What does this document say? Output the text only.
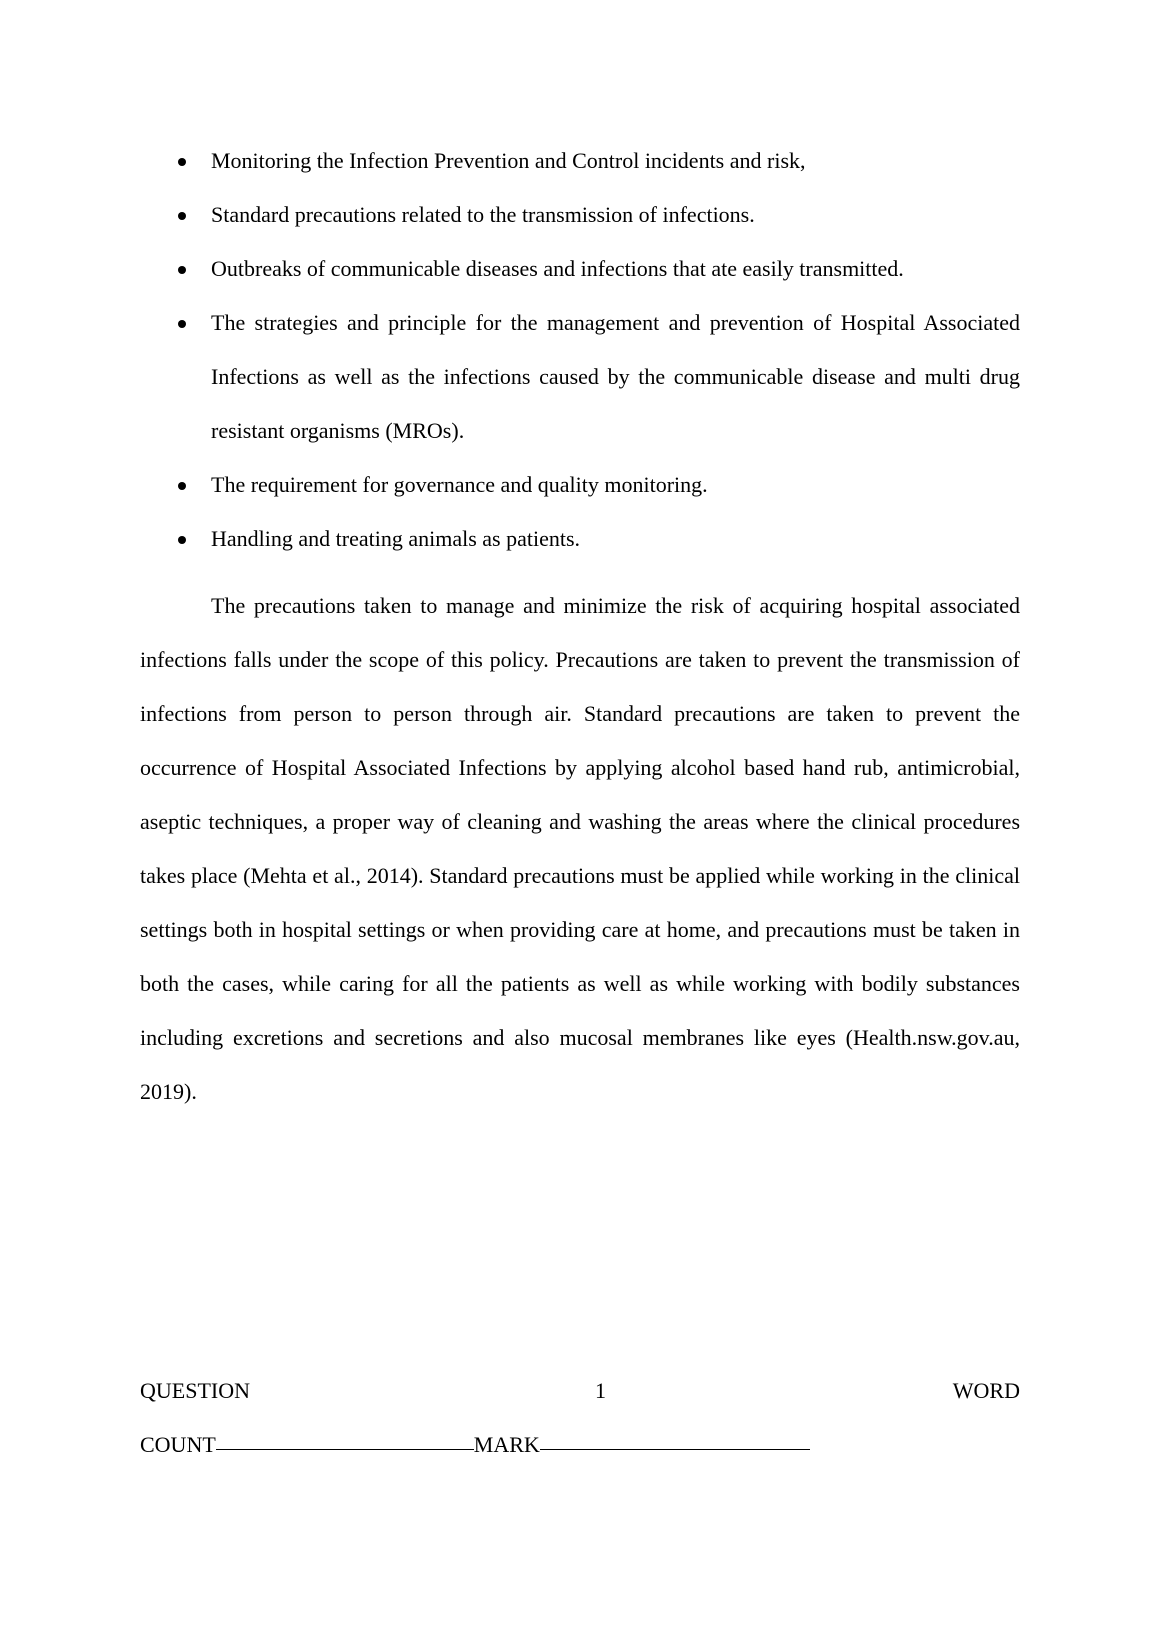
Monitoring the Infection Prevention and Control incidents and risk,
Standard precautions related to the transmission of infections.
Outbreaks of communicable diseases and infections that ate easily transmitted.
The strategies and principle for the management and prevention of Hospital Associated Infections as well as the infections caused by the communicable disease and multi drug resistant organisms (MROs).
The requirement for governance and quality monitoring.
Handling and treating animals as patients.

The precautions taken to manage and minimize the risk of acquiring hospital associated infections falls under the scope of this policy. Precautions are taken to prevent the transmission of infections from person to person through air. Standard precautions are taken to prevent the occurrence of Hospital Associated Infections by applying alcohol based hand rub, antimicrobial, aseptic techniques, a proper way of cleaning and washing the areas where the clinical procedures takes place (Mehta et al., 2014). Standard precautions must be applied while working in the clinical settings both in hospital settings or when providing care at home, and precautions must be taken in both the cases, while caring for all the patients as well as while working with bodily substances including excretions and secretions and also mucosal membranes like eyes (Health.nsw.gov.au, 2019).

QUESTION	1	WORD
COUNT	MARK
